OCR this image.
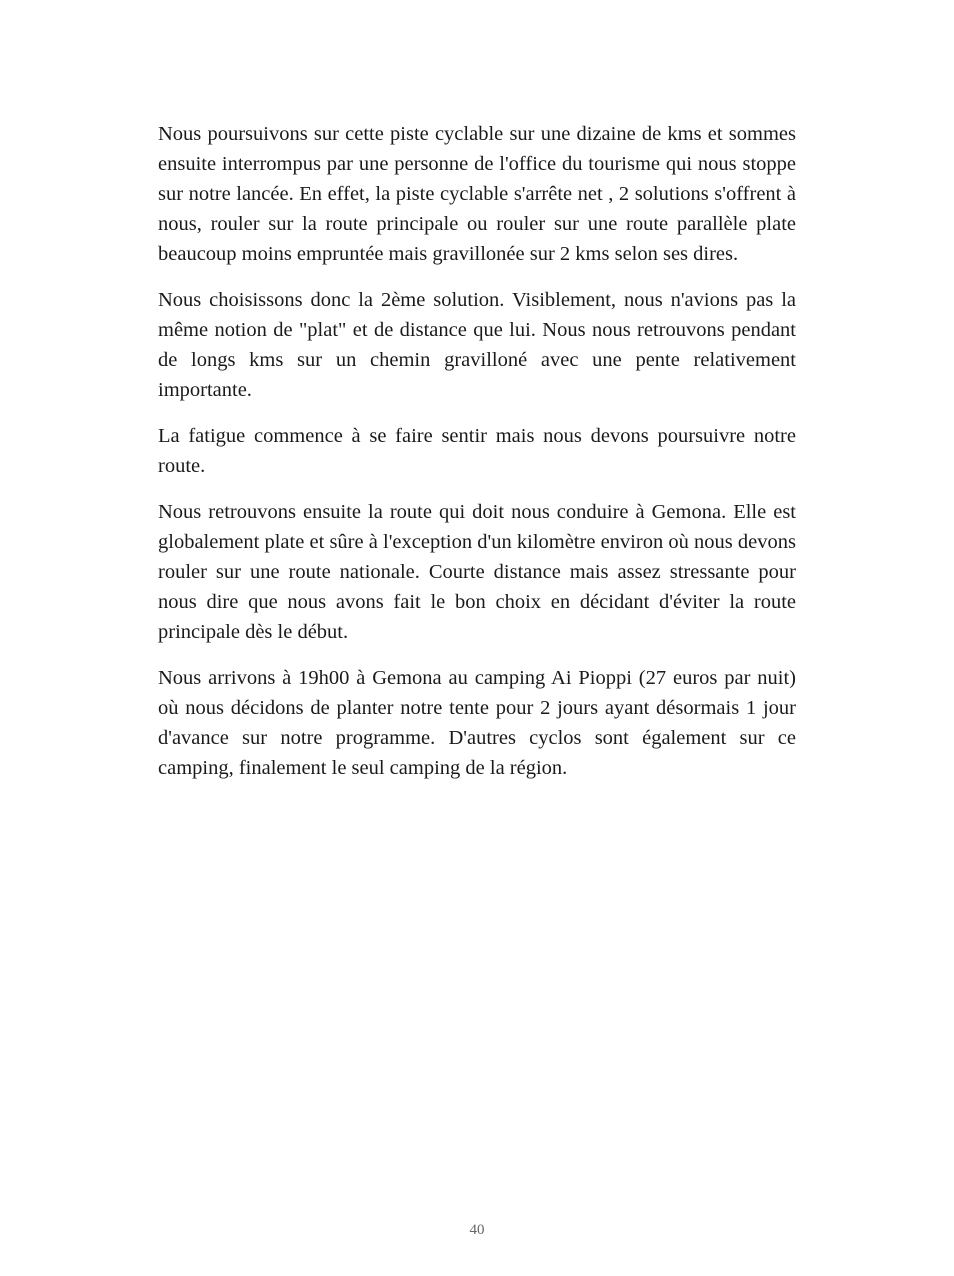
Nous poursuivons sur cette piste cyclable sur une dizaine de kms et sommes ensuite interrompus par une personne de l'office du tourisme qui nous stoppe sur notre lancée. En effet, la piste cyclable s'arrête net , 2 solutions s'offrent à nous, rouler sur la route principale ou rouler sur une route parallèle plate beaucoup moins empruntée mais gravillonée sur 2 kms selon ses dires.

Nous choisissons donc la 2ème solution. Visiblement, nous n'avions pas la même notion de "plat" et de distance que lui. Nous nous retrouvons pendant de longs kms sur un chemin gravilloné avec une pente relativement importante.

La fatigue commence à se faire sentir mais nous devons poursuivre notre route.

Nous retrouvons ensuite la route qui doit nous conduire à Gemona. Elle est globalement plate et sûre à l'exception d'un kilomètre environ où nous devons rouler sur une route nationale. Courte distance mais assez stressante pour nous dire que nous avons fait le bon choix en décidant d'éviter la route principale dès le début.

Nous arrivons à 19h00 à Gemona au camping Ai Pioppi (27 euros par nuit) où nous décidons de planter notre tente pour 2 jours ayant désormais 1 jour d'avance sur notre programme. D'autres cyclos sont également sur ce camping, finalement le seul camping de la région.

40
